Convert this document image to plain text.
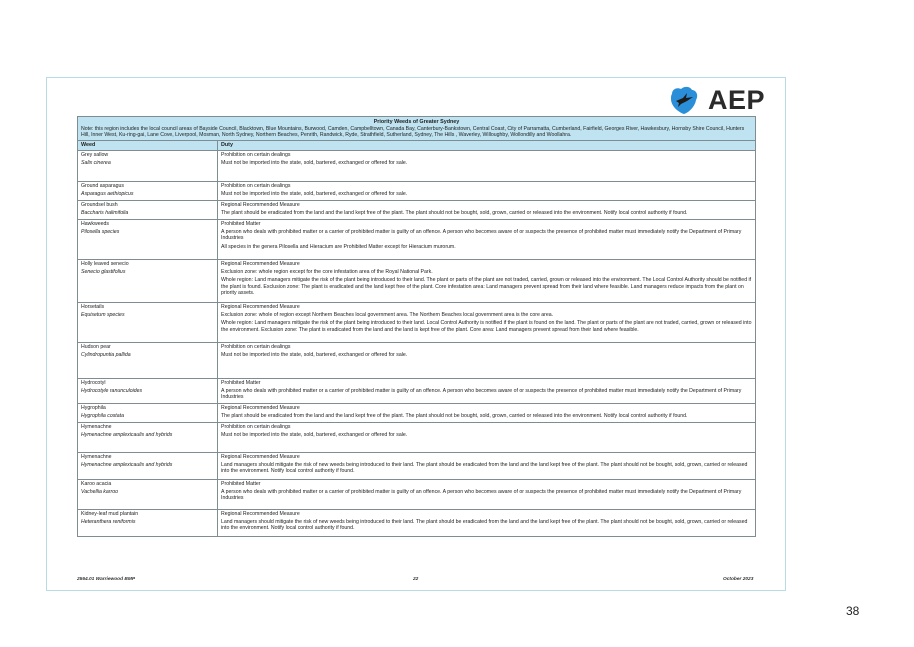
AEP
Priority Weeds of Greater Sydney
Note: this region includes the local council areas of Bayside Council, Blacktown, Blue Mountains, Burwood, Camden, Campbelltown, Canada Bay, Canterbury-Bankstown, Central Coast, City of Parramatta, Cumberland, Fairfield, Georges River, Hawkesbury, Hornsby Shire Council, Hunters Hill, Inner West, Ku-ring-gai, Lane Cove, Liverpool, Mosman, North Sydney, Northern Beaches, Penrith, Randwick, Ryde, Strathfield, Sutherland, Sydney, The Hills , Waverley, Willoughby, Wollondilly and Woollahra.	
Weed	Duty

Grey sallow
Salix cinerea	Prohibition on certain dealings
Must not be imported into the state, sold, bartered, exchanged or offered for sale.

Ground asparagus
Asparagus aethiopicus	Prohibition on certain dealings
Must not be imported into the state, sold, bartered, exchanged or offered for sale.

Groundsel bush
Baccharis halimifolia	Regional Recommended Measure
The plant should be eradicated from the land and the land kept free of the plant. The plant should not be bought, sold, grown, carried or released into the environment. Notify local control authority if found.

Hawkweeds
Pilosella species	Prohibited Matter
A person who deals with prohibited matter or a carrier of prohibited matter is guilty of an offence. A person who becomes aware of or suspects the presence of prohibited matter must immediately notify the Department of Primary Industries
All species in the genera Pilosella and Hieracium are Prohibited Matter except for Hieracium murorum.

Holly leaved senecio
Senecio glastifolius	Regional Recommended Measure
Exclusion zone: whole region except for the core infestation area of the Royal National Park.
Whole region: Land managers mitigate the risk of the plant being introduced to their land. The plant or parts of the plant are not traded, carried, grown or released into the environment. The Local Control Authority should be notified if the plant is found. Exclusion zone: The plant is eradicated and the land kept free of the plant. Core infestation area: Land managers prevent spread from their land where feasible. Land managers reduce impacts from the plant on priority assets.

Horsetails
Equisetum species	Regional Recommended Measure
Exclusion zone: whole of region except Northern Beaches local government area. The Northern Beaches local government area is the core area.
Whole region: Land managers mitigate the risk of the plant being introduced to their land. Local Control Authority is notified if the plant is found on the land. The plant or parts of the plant are not traded, carried, grown or released into the environment. Exclusion zone: The plant is eradicated from the land and the land is kept free of the plant. Core area: Land managers prevent spread from their land where feasible.

Hudson pear
Cylindropuntia pallida	Prohibition on certain dealings
Must not be imported into the state, sold, bartered, exchanged or offered for sale.

Hydrocotyl
Hydrocotyle ranunculoides	Prohibited Matter
A person who deals with prohibited matter or a carrier of prohibited matter is guilty of an offence. A person who becomes aware of or suspects the presence of prohibited matter must immediately notify the Department of Primary Industries

Hygrophila
Hygrophila costata	Regional Recommended Measure
The plant should be eradicated from the land and the land kept free of the plant. The plant should not be bought, sold, grown, carried or released into the environment. Notify local control authority if found.

Hymenachne
Hymenachne amplexicaulis and hybrids	Prohibition on certain dealings
Must not be imported into the state, sold, bartered, exchanged or offered for sale.

Hymenachne
Hymenachne amplexicaulis and hybrids	Regional Recommended Measure
Land managers should mitigate the risk of new weeds being introduced to their land. The plant should be eradicated from the land and the land kept free of the plant. The plant should not be bought, sold, grown, carried or released into the environment. Notify local control authority if found.

Karoo acacia
Vachellia karroo	Prohibited Matter
A person who deals with prohibited matter or a carrier of prohibited matter is guilty of an offence. A person who becomes aware of or suspects the presence of prohibited matter must immediately notify the Department of Primary Industries

Kidney-leaf mud plantain
Heteranthera reniformis	Regional Recommended Measure
Land managers should mitigate the risk of new weeds being introduced to their land. The plant should be eradicated from the land and the land kept free of the plant. The plant should not be bought, sold, grown, carried or released into the environment. Notify local control authority if found.
2564.01 Warriewood BMP	22	October 2023
38
